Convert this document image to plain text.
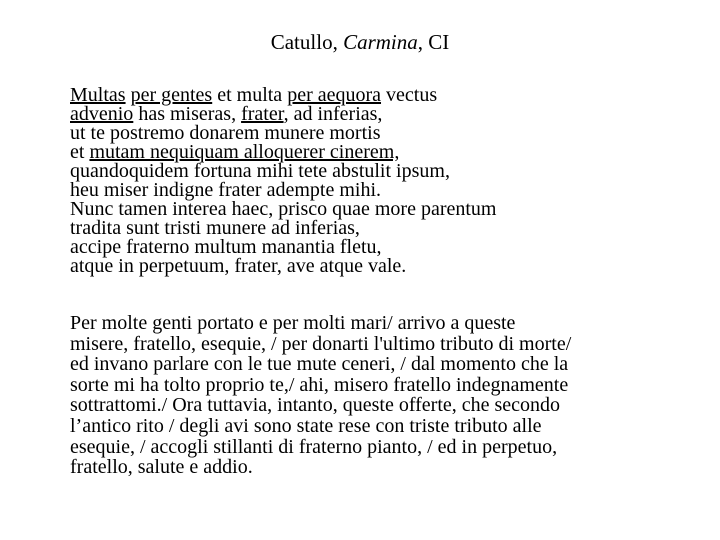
Catullo, Carmina, CI
Multas per gentes et multa per aequora vectus
advenio has miseras, frater, ad inferias,
ut te postremo donarem munere mortis
et mutam nequiquam alloquerer cinerem,
quandoquidem fortuna mihi tete abstulit ipsum,
heu miser indigne frater adempte mihi.
Nunc tamen interea haec, prisco quae more parentum
tradita sunt tristi munere ad inferias,
accipe fraterno multum manantia fletu,
atque in perpetuum, frater, ave atque vale.
Per molte genti portato e per molti mari/ arrivo a queste
misere, fratello, esequie, / per donarti l'ultimo tributo di morte/
ed invano parlare con le tue mute ceneri, / dal momento che la
sorte mi ha tolto proprio te,/ ahi, misero fratello indegnamente
sottrattomi./ Ora tuttavia, intanto, queste offerte, che secondo
l’antico rito / degli avi sono state rese con triste tributo alle
esequie, / accogli stillanti di fraterno pianto, / ed in perpetuo,
fratello, salute e addio.
